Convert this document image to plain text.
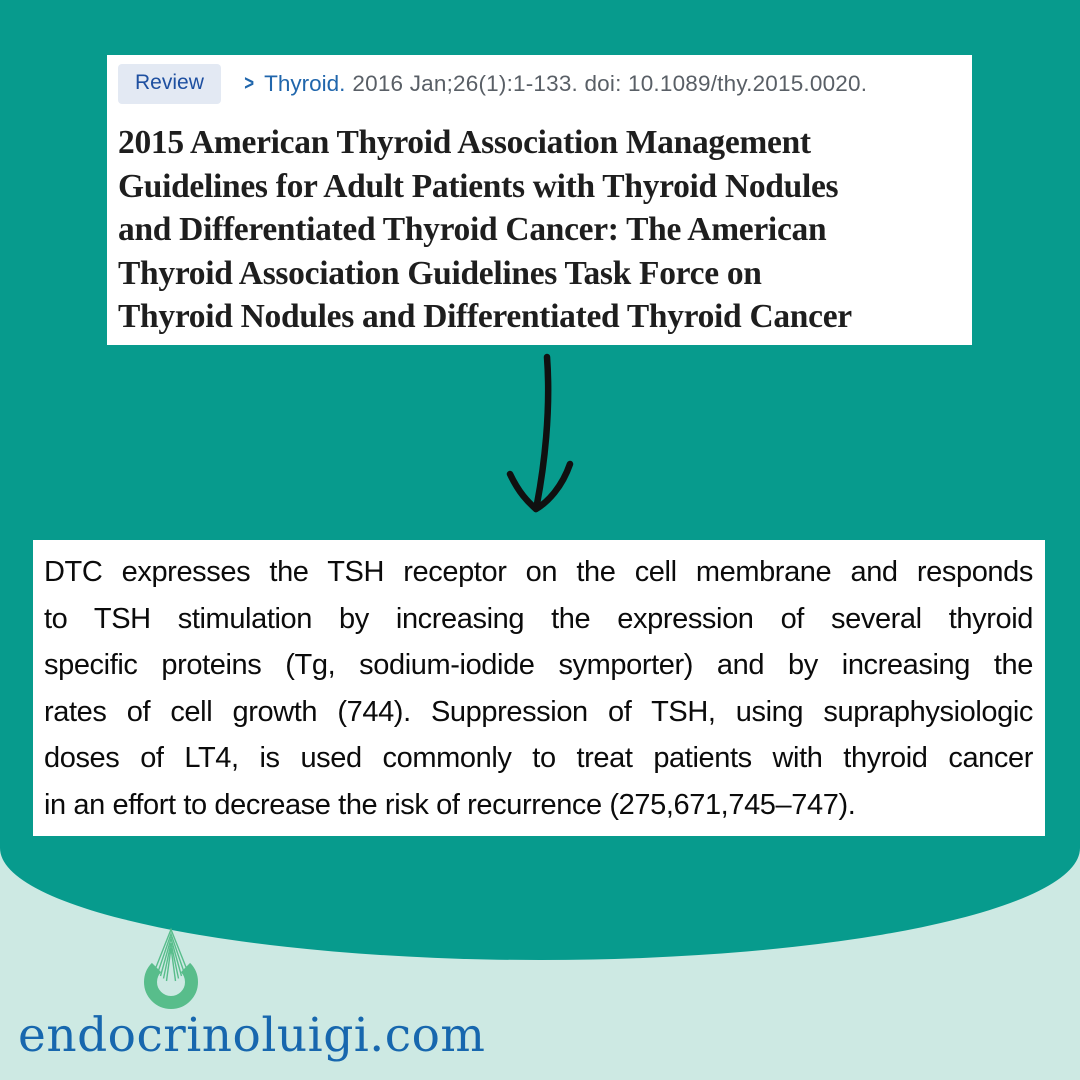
Review	> Thyroid. 2016 Jan;26(1):1-133. doi: 10.1089/thy.2015.0020.
2015 American Thyroid Association Management
Guidelines for Adult Patients with Thyroid Nodules
and Differentiated Thyroid Cancer: The American
Thyroid Association Guidelines Task Force on
Thyroid Nodules and Differentiated Thyroid Cancer
DTC expresses the TSH receptor on the cell membrane and responds
to TSH stimulation by increasing the expression of several thyroid
specific proteins (Tg, sodium-iodide symporter) and by increasing the
rates of cell growth (744). Suppression of TSH, using supraphysiologic
doses of LT4, is used commonly to treat patients with thyroid cancer
in an effort to decrease the risk of recurrence (275,671,745–747).
endocrinoluigi.com
